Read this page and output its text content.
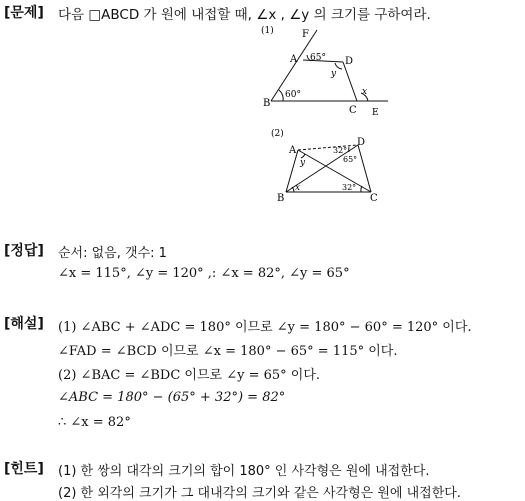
[문제] 다음 □ABCD 가 원에 내접할 때, ∠x , ∠y 의 크기를 구하여라.
(1)	F
A	D
B
C E
65°
60°
y
x
(2)
A
D
B	C
32°
65°
y
x	32°
[정답] 순서: 없음, 갯수: 1
∠x = 115°, ∠y = 120° ,: ∠x = 82°, ∠y = 65°
[해설] (1) ∠ABC + ∠ADC = 180° 이므로 ∠y = 180° − 60° = 120° 이다.
∠FAD = ∠BCD 이므로 ∠x = 180° − 65° = 115° 이다.
(2) ∠BAC = ∠BDC 이므로 ∠y = 65° 이다.
∠ABC = 180° − (65° + 32°) = 82°
∴ ∠x = 82°
[힌트] (1) 한 쌍의 대각의 크기의 합이 180° 인 사각형은 원에 내접한다.
(2) 한 외각의 크기가 그 대내각의 크기와 같은 사각형은 원에 내접한다.
